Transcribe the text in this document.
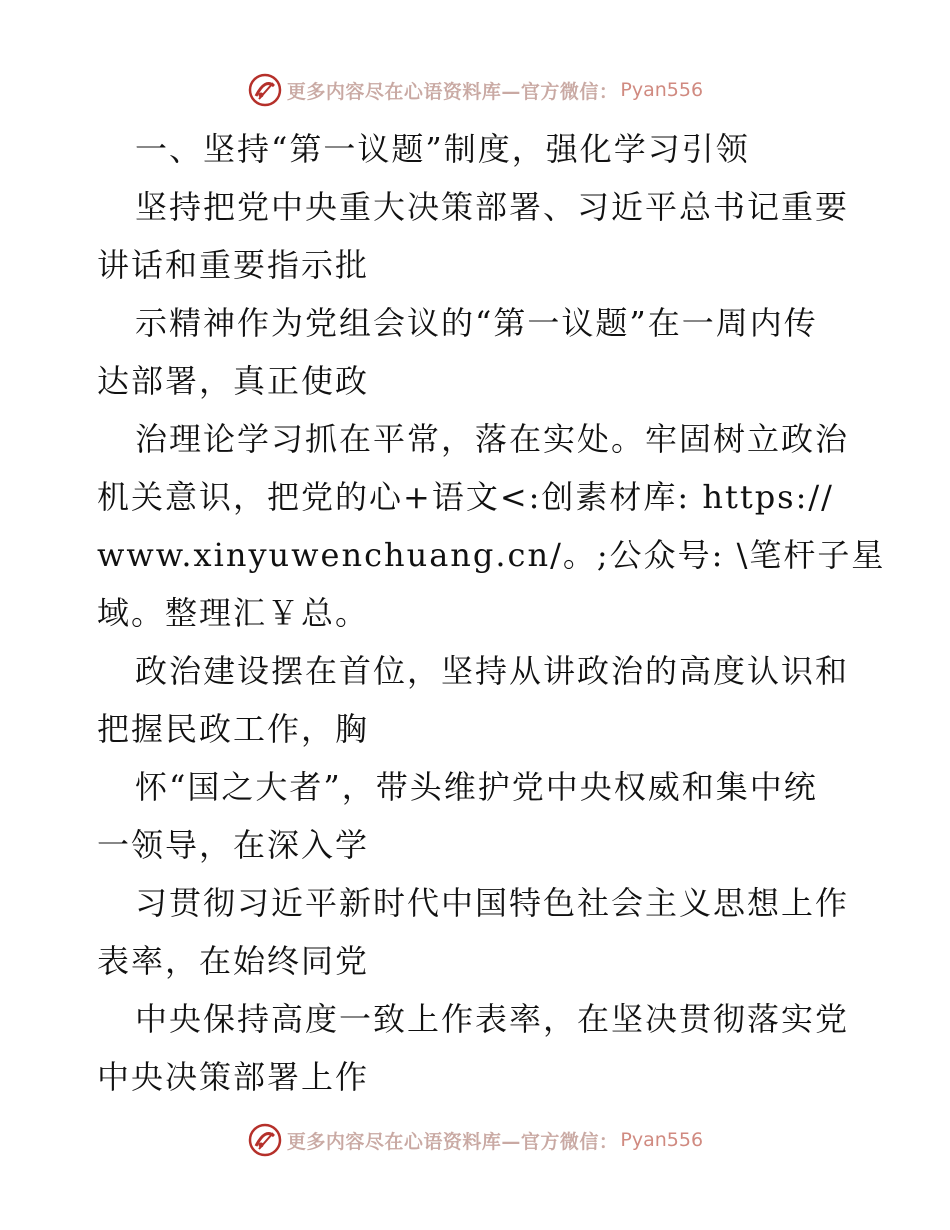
更多内容尽在心语资料库—官方微信： Pyan556
一、坚持“第一议题”制度，强化学习引领
坚持把党中央重大决策部署、习近平总书记重要
讲话和重要指示批
示精神作为党组会议的“第一议题”在一周内传
达部署，真正使政
治理论学习抓在平常，落在实处。牢固树立政治
机关意识，把党的心+语文<:创素材库: https://
www.xinyuwenchuang.cn/。;公众号: \笔杆子星
域。整理汇￥总。
政治建设摆在首位，坚持从讲政治的高度认识和
把握民政工作，胸
怀“国之大者”，带头维护党中央权威和集中统
一领导，在深入学
习贯彻习近平新时代中国特色社会主义思想上作
表率，在始终同党
中央保持高度一致上作表率，在坚决贯彻落实党
中央决策部署上作
更多内容尽在心语资料库—官方微信： Pyan556
